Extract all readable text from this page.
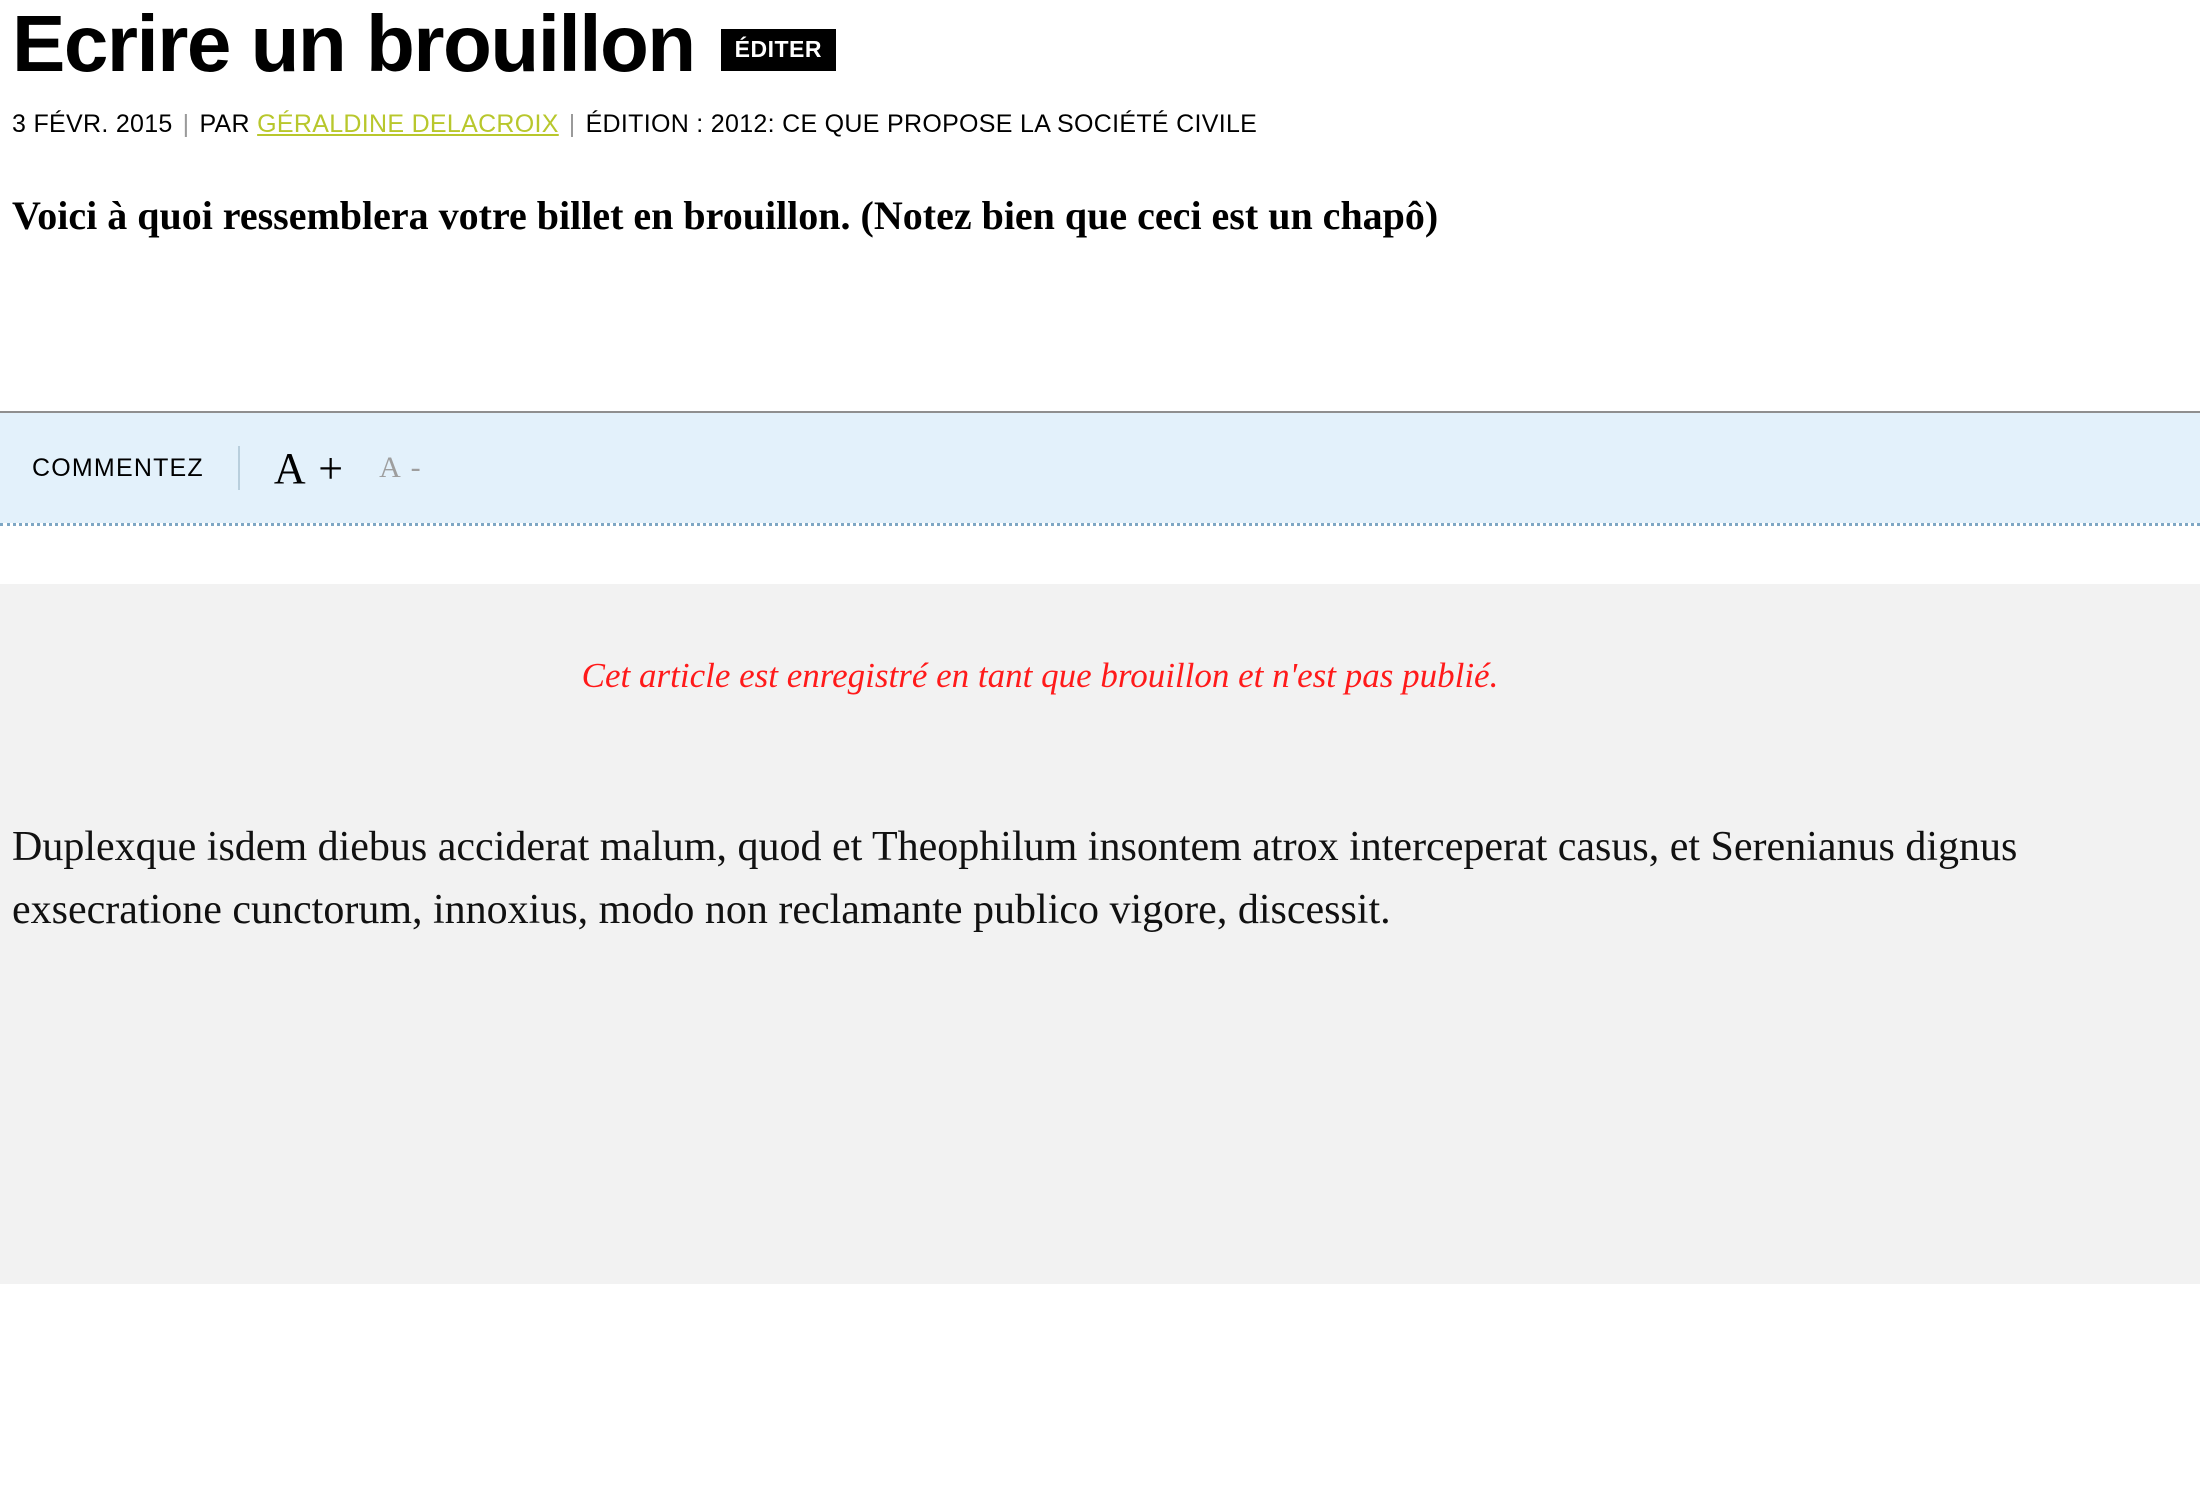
Ecrire un brouillon	ÉDITER
3 FÉVR. 2015 | PAR GÉRALDINE DELACROIX | ÉDITION : 2012: CE QUE PROPOSE LA SOCIÉTÉ CIVILE
Voici à quoi ressemblera votre billet en brouillon. (Notez bien que ceci est un chapô)
COMMENTEZ A + A -
Cet article est enregistré en tant que brouillon et n'est pas publié.

Duplexque isdem diebus acciderat malum, quod et Theophilum insontem atrox interceperat casus, et Serenianus dignus exsecratione cunctorum, innoxius, modo non reclamante publico vigore, discessit.
